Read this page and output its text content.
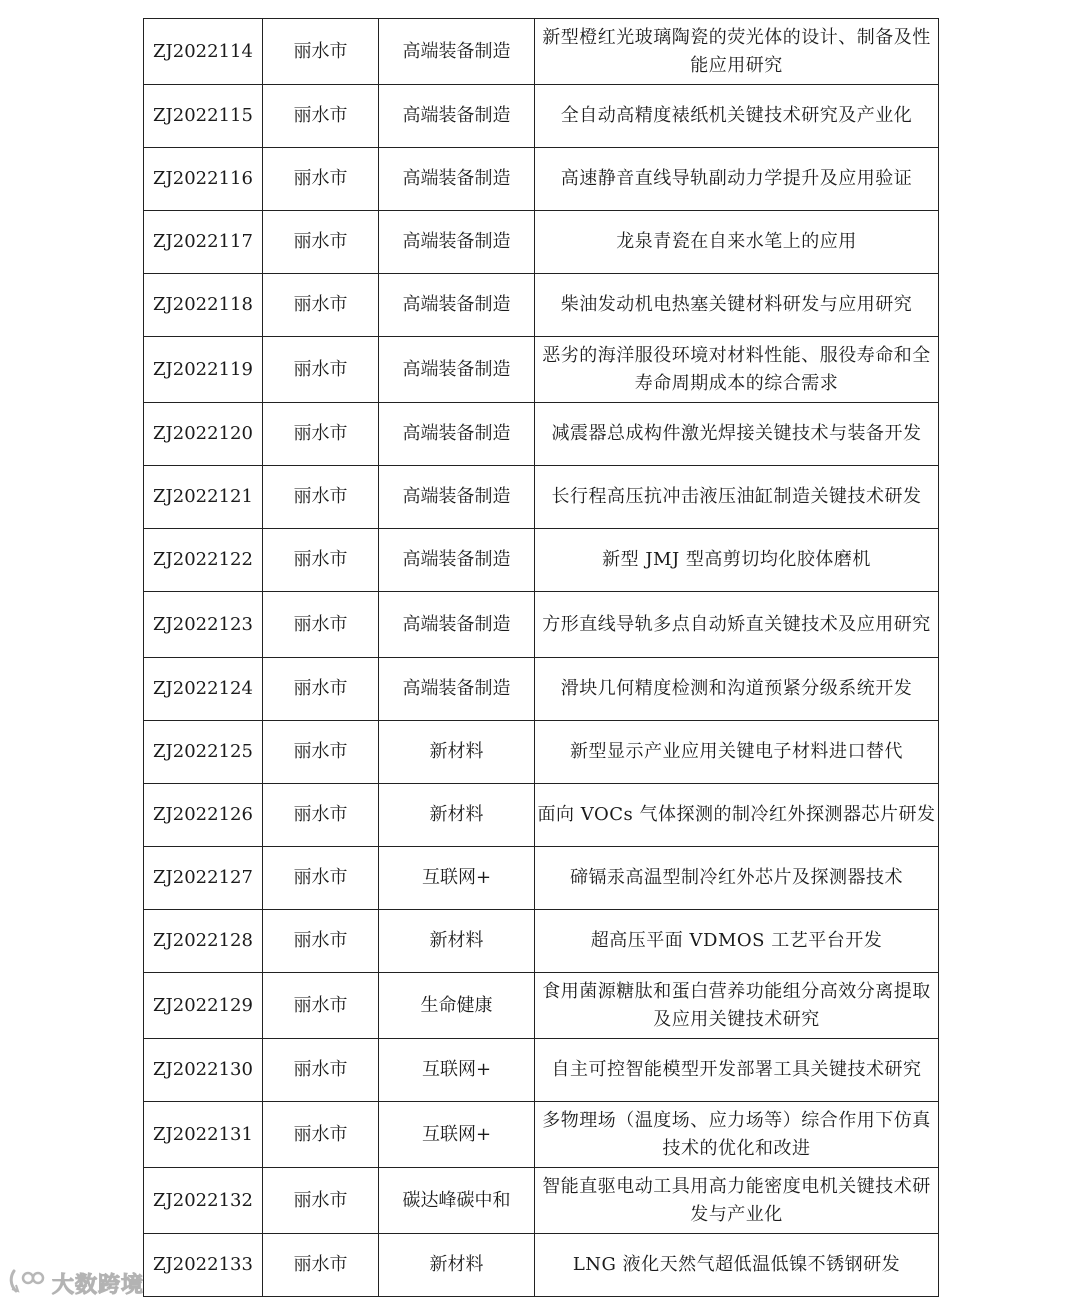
ZJ2022114	丽水市	高端装备制造	新型橙红光玻璃陶瓷的荧光体的设计、制备及性能应用研究
ZJ2022115	丽水市	高端装备制造	全自动高精度裱纸机关键技术研究及产业化
ZJ2022116	丽水市	高端装备制造	高速静音直线导轨副动力学提升及应用验证
ZJ2022117	丽水市	高端装备制造	龙泉青瓷在自来水笔上的应用
ZJ2022118	丽水市	高端装备制造	柴油发动机电热塞关键材料研发与应用研究
ZJ2022119	丽水市	高端装备制造	恶劣的海洋服役环境对材料性能、服役寿命和全寿命周期成本的综合需求
ZJ2022120	丽水市	高端装备制造	减震器总成构件激光焊接关键技术与装备开发
ZJ2022121	丽水市	高端装备制造	长行程高压抗冲击液压油缸制造关键技术研发
ZJ2022122	丽水市	高端装备制造	新型 JMJ 型高剪切均化胶体磨机
ZJ2022123	丽水市	高端装备制造	方形直线导轨多点自动矫直关键技术及应用研究
ZJ2022124	丽水市	高端装备制造	滑块几何精度检测和沟道预紧分级系统开发
ZJ2022125	丽水市	新材料	新型显示产业应用关键电子材料进口替代
ZJ2022126	丽水市	新材料	面向 VOCs 气体探测的制冷红外探测器芯片研发
ZJ2022127	丽水市	互联网+	碲镉汞高温型制冷红外芯片及探测器技术
ZJ2022128	丽水市	新材料	超高压平面 VDMOS 工艺平台开发
ZJ2022129	丽水市	生命健康	食用菌源糖肽和蛋白营养功能组分高效分离提取及应用关键技术研究
ZJ2022130	丽水市	互联网+	自主可控智能模型开发部署工具关键技术研究
ZJ2022131	丽水市	互联网+	多物理场（温度场、应力场等）综合作用下仿真技术的优化和改进
ZJ2022132	丽水市	碳达峰碳中和	智能直驱电动工具用高力能密度电机关键技术研发与产业化
ZJ2022133	丽水市	新材料	LNG 液化天然气超低温低镍不锈钢研发
大数跨境
